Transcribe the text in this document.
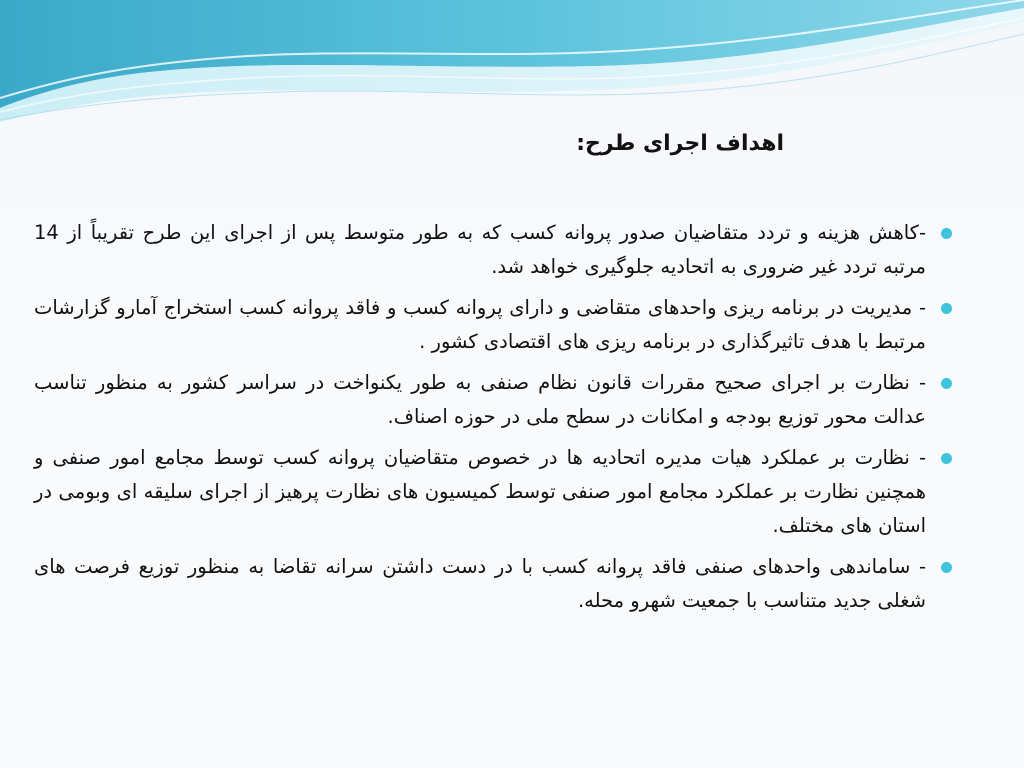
اهداف اجرای طرح:
-کاهش هزینه و تردد متقاضیان صدور پروانه کسب که به طور متوسط پس از اجرای این طرح تقریباً از 14 مرتبه تردد غیر ضروری به اتحادیه جلوگیری خواهد شد.
- مدیریت در برنامه ریزی واحدهای متقاضی و دارای پروانه کسب و فاقد پروانه کسب استخراج آمارو گزارشات مرتبط با هدف تاثیرگذاری در برنامه ریزی های اقتصادی کشور .
- نظارت بر اجرای صحیح مقررات قانون نظام صنفی به طور یکنواخت در سراسر کشور به منظور تناسب عدالت محور توزیع بودجه و امکانات در سطح ملی در حوزه اصناف.
- نظارت بر عملکرد هیات مدیره اتحادیه ها در خصوص متقاضیان پروانه کسب توسط مجامع امور صنفی و همچنین نظارت بر عملکرد مجامع امور صنفی توسط کمیسیون های نظارت پرهیز از اجرای سلیقه ای وبومی در استان های مختلف.
- ساماندهی واحدهای صنفی فاقد پروانه کسب با در دست داشتن سرانه تقاضا به منظور توزیع فرصت های شغلی جدید متناسب با جمعیت شهرو محله.
